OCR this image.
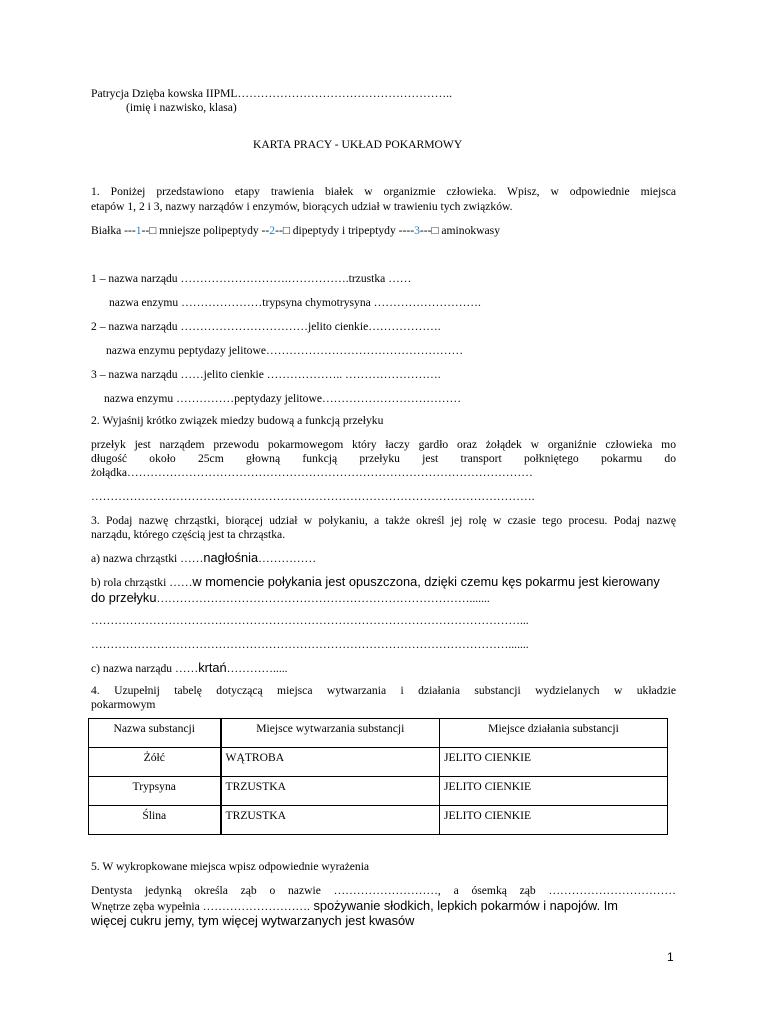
Patrycja Dzięba kowska IIPML………………………………………………..
(imię i nazwisko, klasa)
KARTA PRACY - UKŁAD POKARMOWY
1. Poniżej przedstawiono etapy trawienia białek w organizmie człowieka. Wpisz, w odpowiednie miejsca
etapów 1, 2 i 3, nazwy narządów i enzymów, biorących udział w trawieniu tych związków.
Białka ---1--□ mniejsze polipeptydy --2--□ dipeptydy i tripeptydy ----3---□ aminokwasy
1 – nazwa narządu ……………………….…………….trzustka ……
nazwa enzymu …………………trypsyna chymotrysyna ……………………….
2 – nazwa narządu ……………………………jelito cienkie……………….
nazwa enzymu peptydazy jelitowe……………………………………………
3 – nazwa narządu ……jelito cienkie ……………….. …………………….
nazwa enzymu ……………peptydazy jelitowe………………………………
2. Wyjaśnij krótko związek miedzy budową a funkcją przełyku
przełyk jest narządem przewodu pokarmowegom który łaczy gardło oraz żołądek w organiźnie człowieka mo
długość około 25cm głowną funkcją przełyku jest transport połkniętego pokarmu do
żołądka……………………………………………………………………………………………
…………………………………………………………………………………………………….
3. Podaj nazwę chrząstki, biorącej udział w połykaniu, a także określ jej rolę w czasie tego procesu. Podaj nazwę
narządu, którego częścią jest ta chrząstka.
a) nazwa chrząstki ……nagłośnia……………
b) rola chrząstki ……w momencie połykania jest opuszczona, dzięki czemu kęs pokarmu jest kierowany
do przełyku……………………………………………………………………….......
…………………………………………………………………………………………………...
……………………………………………………………………………………………….......
c) nazwa narządu ……krtań………….....
4. Uzupełnij tabelę dotyczącą miejsca wytwarzania i działania substancji wydzielanych w układzie
pokarmowym
Nazwa substancji	Miejsce wytwarzania substancji	Miejsce działania substancji
Żółć	WĄTROBA	JELITO CIENKIE
Trypsyna	TRZUSTKA	JELITO CIENKIE
Ślina	TRZUSTKA	JELITO CIENKIE
5. W wykropkowane miejsca wpisz odpowiednie wyrażenia
Dentysta jedynką określa ząb o nazwie ………………………, a ósemką ząb ……………………………
Wnętrze zęba wypełnia ………………………. spożywanie słodkich, lepkich pokarmów i napojów. Im
więcej cukru jemy, tym więcej wytwarzanych jest kwasów
1
